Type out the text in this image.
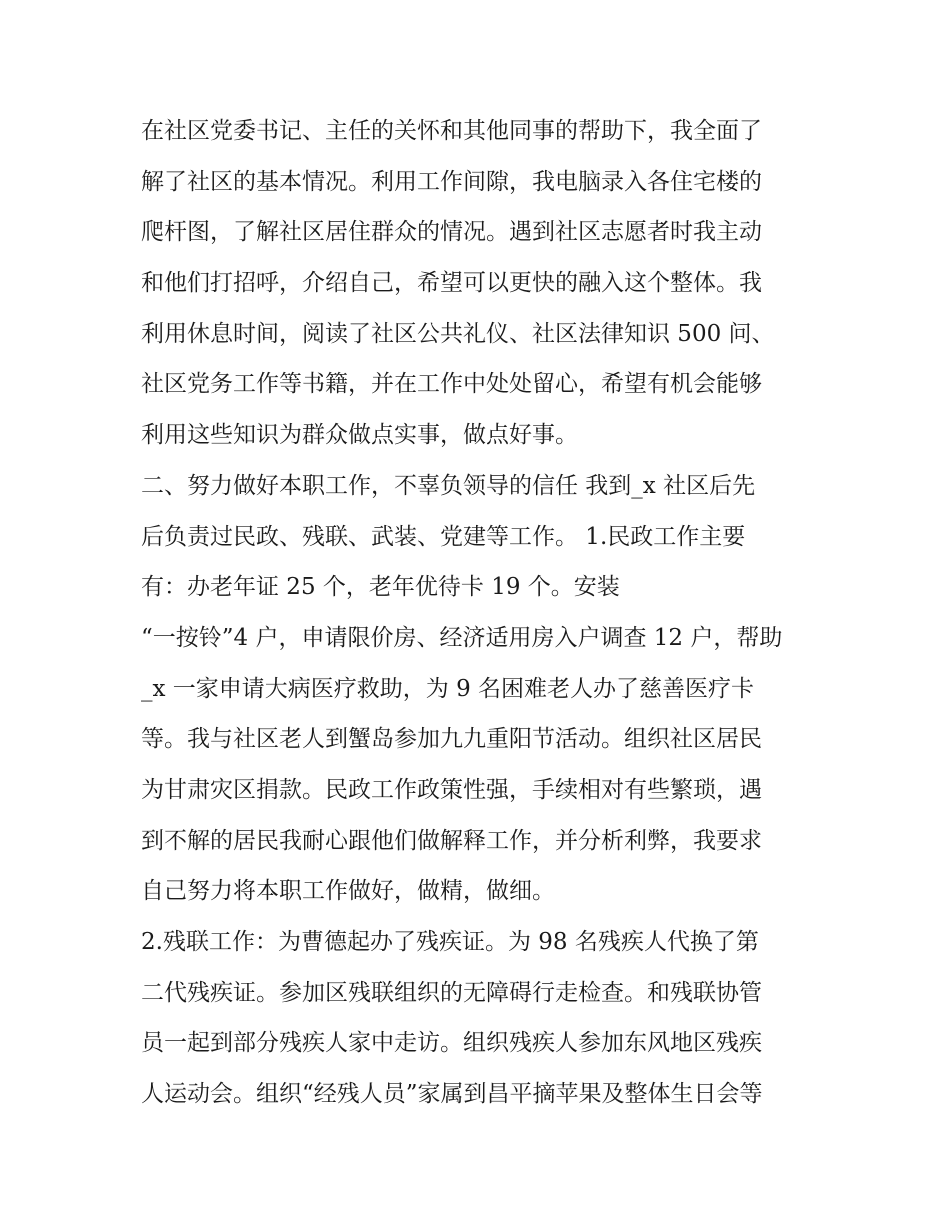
在社区党委书记、主任的关怀和其他同事的帮助下，我全面了
解了社区的基本情况。利用工作间隙，我电脑录入各住宅楼的
爬杆图，了解社区居住群众的情况。遇到社区志愿者时我主动
和他们打招呼，介绍自己，希望可以更快的融入这个整体。我
利用休息时间，阅读了社区公共礼仪、社区法律知识 500 问、
社区党务工作等书籍，并在工作中处处留心，希望有机会能够
利用这些知识为群众做点实事，做点好事。
二、努力做好本职工作，不辜负领导的信任 我到_x 社区后先
后负责过民政、残联、武装、党建等工作。 1.民政工作主要
有：办老年证 25 个，老年优待卡 19 个。安装
“一按铃”4 户，申请限价房、经济适用房入户调查 12 户，帮助
_x 一家申请大病医疗救助，为 9 名困难老人办了慈善医疗卡
等。我与社区老人到蟹岛参加九九重阳节活动。组织社区居民
为甘肃灾区捐款。民政工作政策性强，手续相对有些繁琐，遇
到不解的居民我耐心跟他们做解释工作，并分析利弊，我要求
自己努力将本职工作做好，做精，做细。
2.残联工作：为曹德起办了残疾证。为 98 名残疾人代换了第
二代残疾证。参加区残联组织的无障碍行走检查。和残联协管
员一起到部分残疾人家中走访。组织残疾人参加东风地区残疾
人运动会。组织“经残人员”家属到昌平摘苹果及整体生日会等
